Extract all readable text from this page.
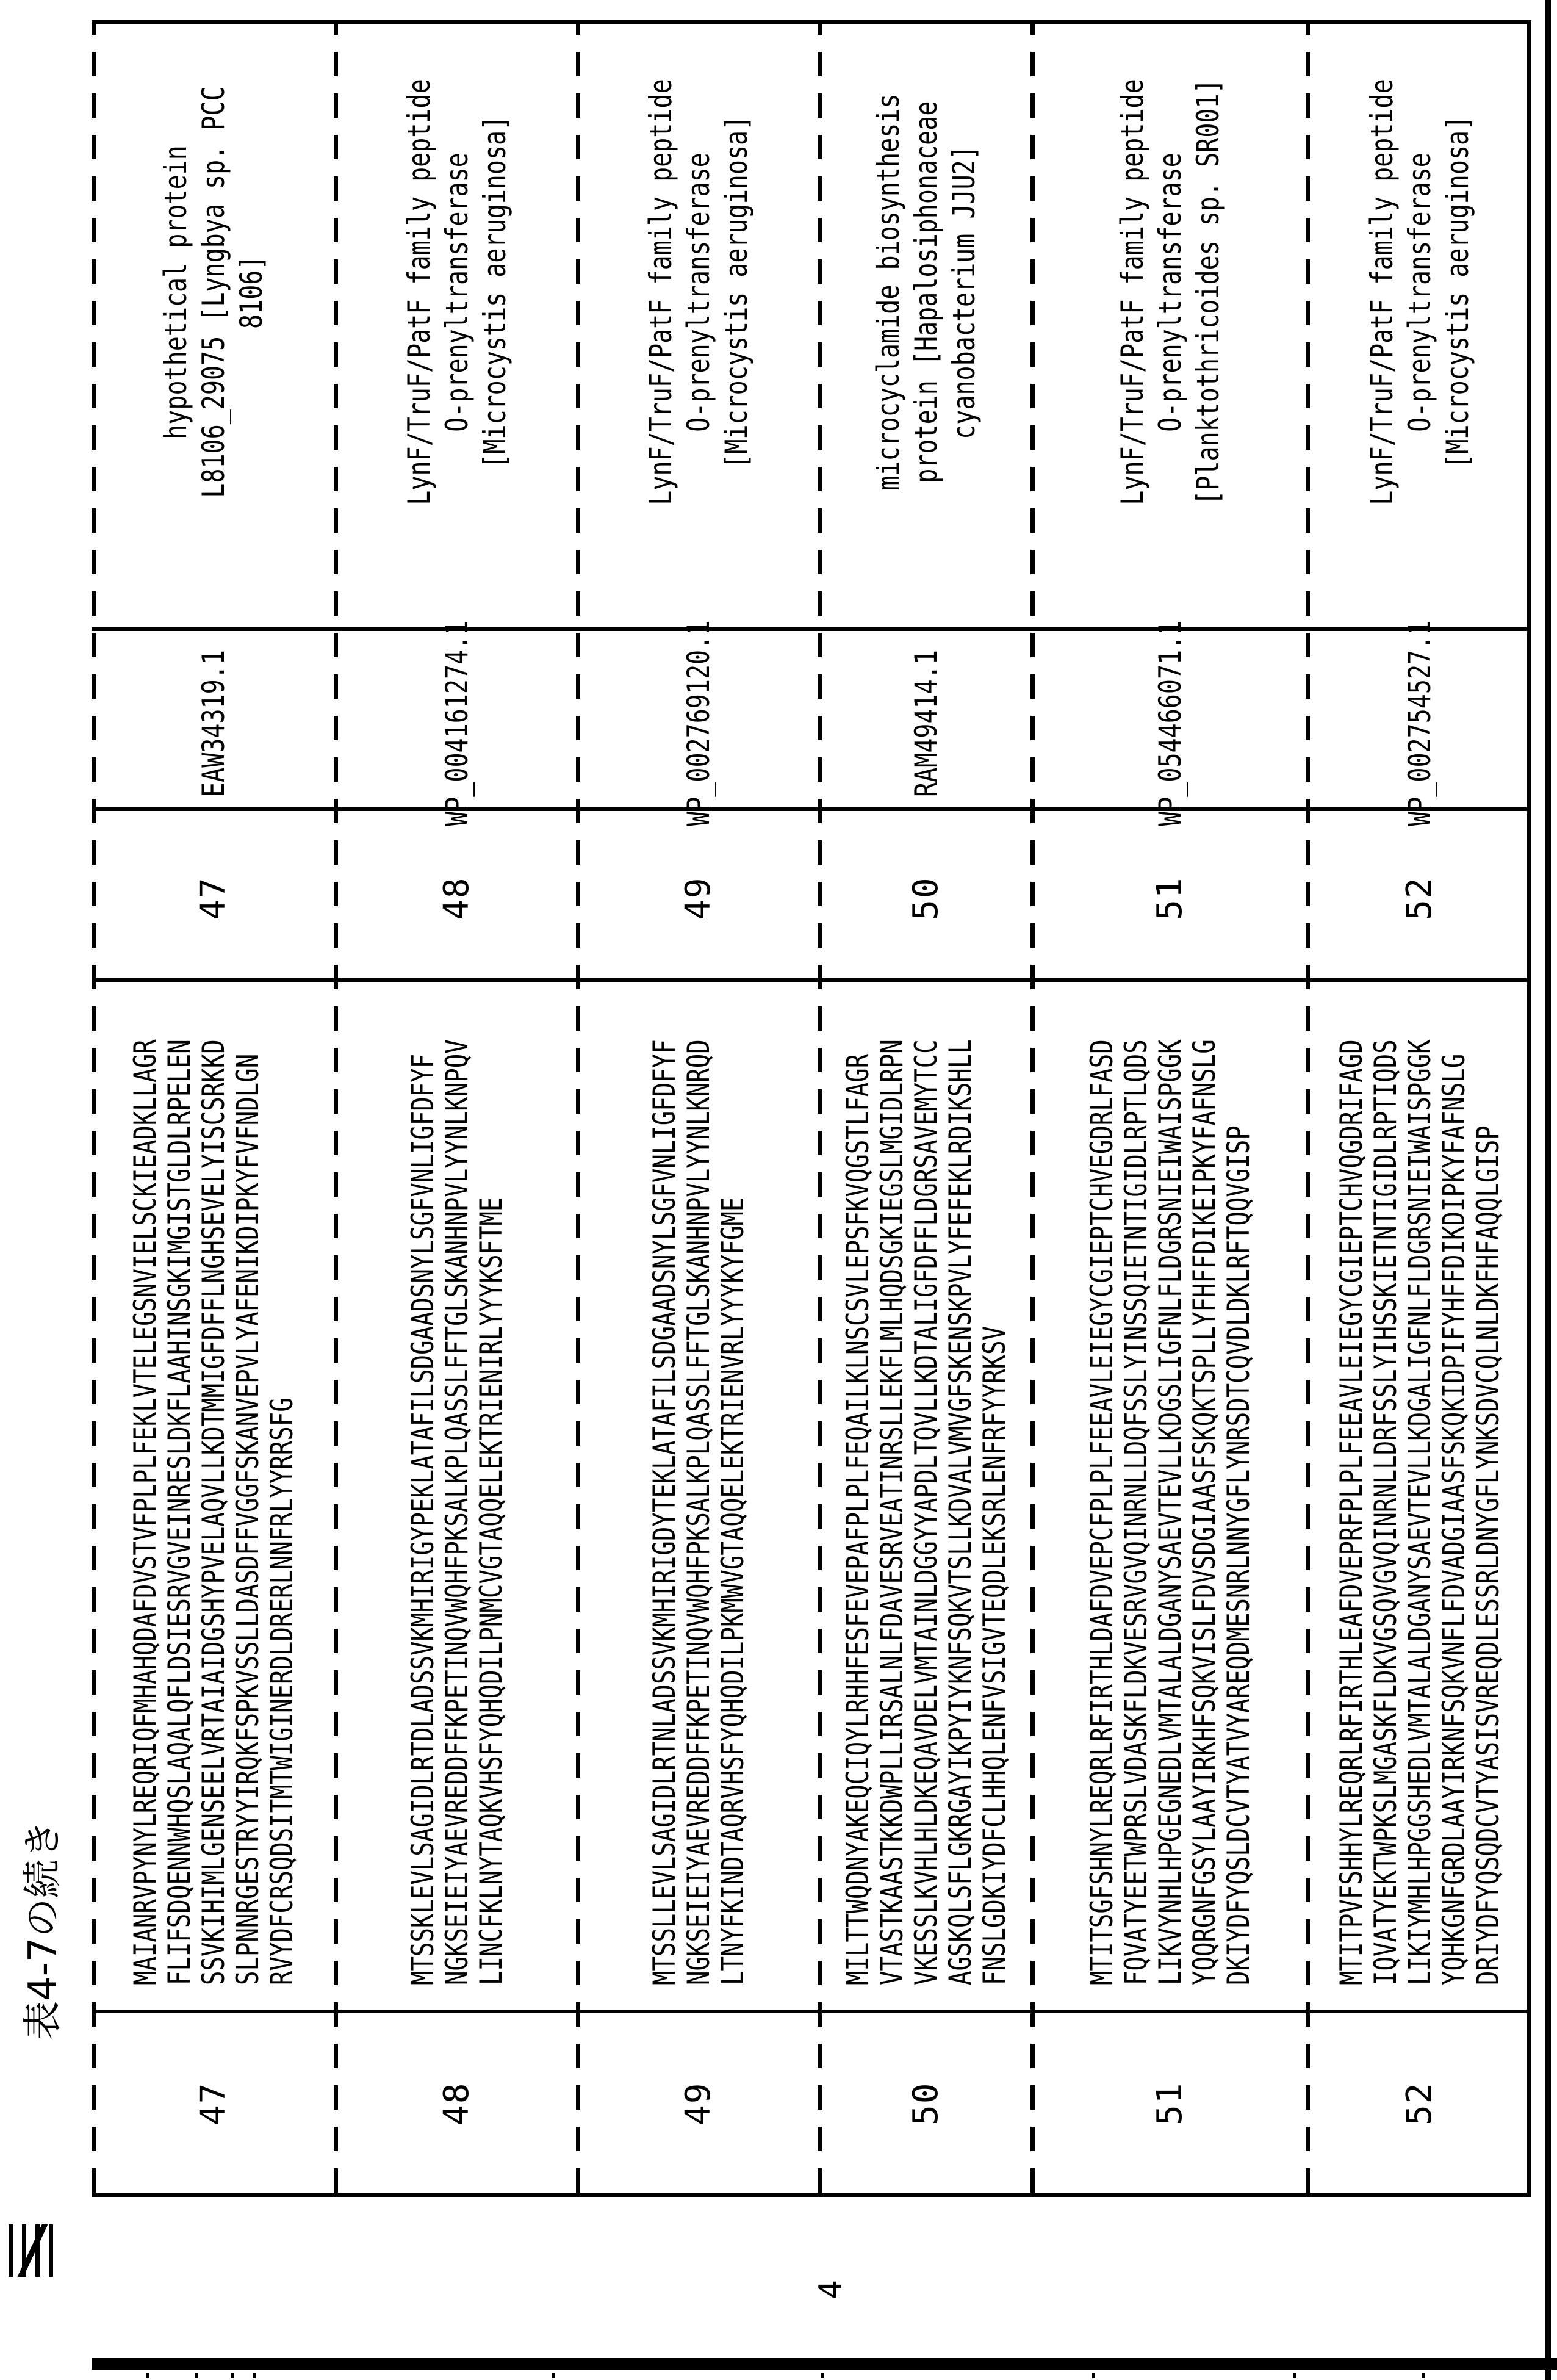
表4-7の続き
47
MAIANRVPYNYLREQRIQFMHAHQDAFDVSTVFPLPLFEKLVTELEGSNVIELSCKIEADKLLAGR
FLIFSDQENNWHQSLAQALQFLDSIESRVGVEINRESLDKFLAAHINSGKIMGISTGLDLRPELEN
SSVKIHIMLGENSEELVRTAIAIDGSHYPVELAQVLLKDTMMIGFDFFLNGHSEVELYISCSRKKD
SLPNNRGESTRYYIRQKFSPKVSSLLDASDFFVGGFSKANVEPVLYAFENIKDIPKYFVFNDLGN
RVYDFCRSQDSITMTWIGINERDLDRERLNNFRLYYRRSFG
47
EAW34319.1
hypothetical protein L8106_29075 [Lyngbya sp. PCC 8106]
48
MTSSKLEVLSAGIDLRTDLADSSVKMHIRIGYPEKLATAFILSDGAADSNYLSGFVNLIGFDFYF
NGKSEIEIYAEVREDDFFKPETINQVWQHFPKSALKPLQASSLFFTGLSKANHNPVLYYNLKNPQV
LINCFKLNYTAQKVHSFYQHQDILPNMCVGTAQQELEKTRIENIRLYYYKSFTME
48
WP_004161274.1
LynF/TruF/PatF family peptide O-prenyltransferase [Microcystis aeruginosa]
49
MTSSLLEVLSAGIDLRTNLADSSVKMHIRIGDYTEKLATAFILSDGAADSNYLSGFVNLIGFDFYF
NGKSEIEIYAEVREDDFFKPETINQVWQHFPKSALKPLQASSLFFTGLSKANHNPVLYYNLKNRQD
LTNYFKINDTAQRVHSFYQHQDILPKMWVGTAQQELEKTRIENVRLYYYKYFGME
49
WP_002769120.1
LynF/TruF/PatF family peptide O-prenyltransferase [Microcystis aeruginosa]
50
MILTTWQDNYAKEQCIQYLRHHFESFEVEPAFPLPLFEQAILKLNSCSVLEPSFKVQGSTLFAGR
VTASTKAASTKKDWPLLIRSALNLFDAVESRVEATINRSLLEKFLMLHQDSGKIEGSLMGIDLRPN
VKESSLKVHLHLDKEQAVDELVMTAINLDGGYYAPDLTQVLLKDTALIGFDFFLDGRSAVEMYTCC
AGSKQLSFLGKRGAYIKPYIYKNFSQKVTSLLKDVALVMVGFSKENSKPVLYFEFEKLRDIKSHLL
FNSLGDKIYDFCLHHQLENFVSIGVTEQDLEKSRLENFRFYYRKSV
50
RAM49414.1
microcyclamide biosynthesis protein [Hapalosiphonaceae cyanobacterium JJU2]
51
MTITSGFSHNYLREQRLRFIRTHLDAFDVEPCFPLPLFEEAVLEIEGYCGIEPTCHVEGDRLFASD
FQVATYEETWPRSLVDASKFLDKVESRVGVQINRNLLDQFSSLYINSSQIETNTIGIDLRPTLQDS
LIKVYNHLHPGEGNEDLVMTALALDGANYSAEVTEVLLKDGSLIGFNLFLDGRSNIEIWAISPGGK
YQQRGNFGSYLAAYIRKHFSQKVISLFDVSDGIAASFSKQKTSPLLYFHFFDIKEIPKYFAFNSLG
DKIYDFYQSLDCVTYATVYAREQDMESNRLNNYGFLYNRSDTCQVDLDKLRFTQQVGISP
51
WP_054466071.1
LynF/TruF/PatF family peptide O-prenyltransferase [Planktothricoides sp. SR001]
52
MTITPVFSHHYLREQRLRFIRTHLEAFDVEPRFPLPLFEEAVLEIEGYCGIEPTCHVQGDRIFAGD
IQVATYEKTWPKSLMGASKFLDKVGSQVGVQINRNLLDRFSSLYIHSSKIETNTIGIDLRPTIQDS
LIKIYMHLHPGGSHEDLVMTALALDGANYSAEVTEVLLKDGALIGFNLFLDGRSNIEIWAISPGGK
YQHKGNFGRDLAAYIRKNFSQKVNFLFDVADGIAASFSKQKIDPIFYHFFDIKDIPKYFAFNSLG
DRIYDFYQSQDCVTYASISVREQDLESSRLDNYGFLYNKSDVCQLNLDKFHFAQQLGISP
52
WP_002754527.1
LynF/TruF/PatF family peptide O-prenyltransferase [Microcystis aeruginosa]
4
